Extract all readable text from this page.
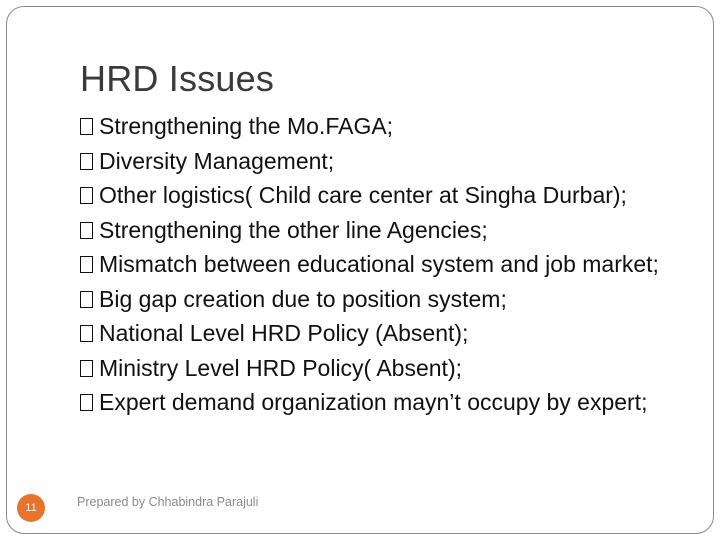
HRD Issues
Strengthening the Mo.FAGA;
Diversity Management;
Other logistics( Child care center at Singha Durbar);
Strengthening the other line Agencies;
Mismatch between educational system and job market;
Big gap creation due to position system;
National Level HRD Policy (Absent);
Ministry Level HRD Policy( Absent);
Expert demand organization mayn’t occupy by expert;
11	Prepared by Chhabindra Parajuli
